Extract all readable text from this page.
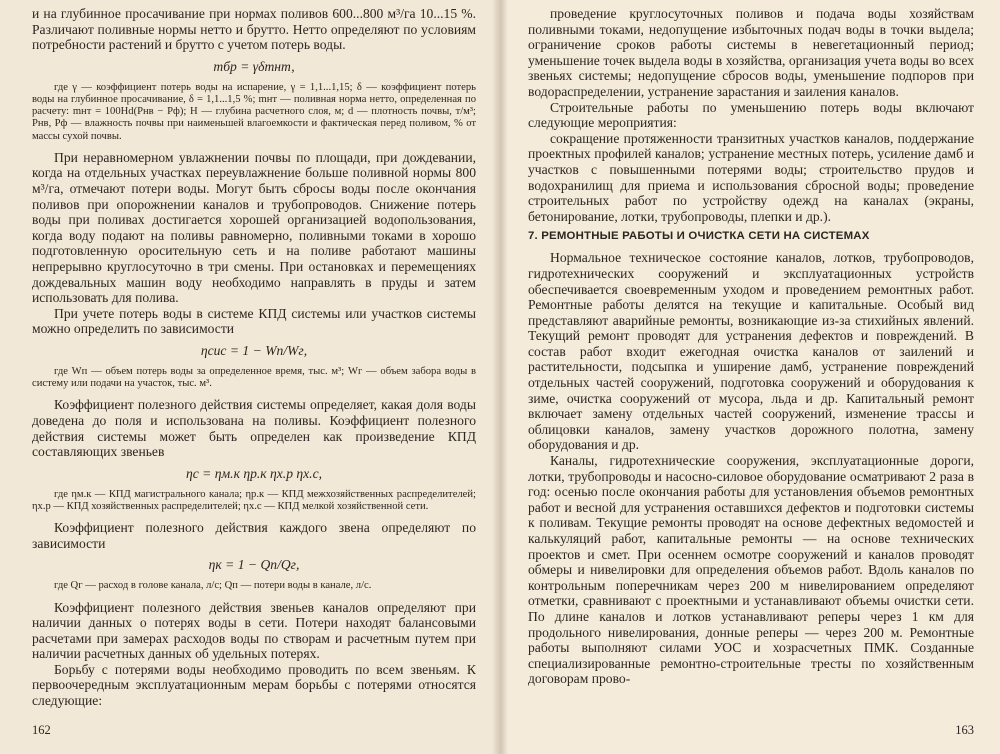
и на глубинное просачивание при нормах поливов 600...800 м³/га 10...15 %. Различают поливные нормы нетто и брутто. Нетто определяют по условиям потребности растений и брутто с учетом потерь воды.

mбр = γδmнт,

где γ — коэффициент потерь воды на испарение, γ = 1,1...1,15; δ — коэффициент потерь воды на глубинное просачивание, δ = 1,1...1,5 %; mнт — поливная норма нетто, определенная по расчету: mнт = 100Hd(Pнв − Pф); H — глубина расчетного слоя, м; d — плотность почвы, т/м³; Pнв, Pф — влажность почвы при наименьшей влагоемкости и фактическая перед поливом, % от массы сухой почвы.

При неравномерном увлажнении почвы по площади, при дождевании, когда на отдельных участках переувлажнение больше поливной нормы 800 м³/га, отмечают потери воды. Могут быть сбросы воды после окончания поливов при опорожнении каналов и трубопроводов. Снижение потерь воды при поливах достигается хорошей организацией водопользования, когда воду подают на поливы равномерно, поливными токами в хорошо подготовленную оросительную сеть и на поливе работают машины непрерывно круглосуточно в три смены. При остановках и перемещениях дождевальных машин воду необходимо направлять в пруды и затем использовать для полива.

При учете потерь воды в системе КПД системы или участков системы можно определить по зависимости

ηсис = 1 − Wп/Wг,

где Wп — объем потерь воды за определенное время, тыс. м³; Wг — объем забора воды в систему или подачи на участок, тыс. м³.

Коэффициент полезного действия системы определяет, какая доля воды доведена до поля и использована на поливы. Коэффициент полезного действия системы может быть определен как произведение КПД составляющих звеньев

ηс = ηм.к ηр.к ηх.р ηх.с,

где ηм.к — КПД магистрального канала; ηр.к — КПД межхозяйственных распределителей; ηх.р — КПД хозяйственных распределителей; ηх.с — КПД мелкой хозяйственной сети.

Коэффициент полезного действия каждого звена определяют по зависимости

ηк = 1 − Qп/Qг,

где Qг — расход в голове канала, л/с; Qп — потери воды в канале, л/с.

Коэффициент полезного действия звеньев каналов определяют при наличии данных о потерях воды в сети. Потери находят балансовыми расчетами при замерах расходов воды по створам и расчетным путем при наличии расчетных данных об удельных потерях.

Борьбу с потерями воды необходимо проводить по всем звеньям. К первоочередным эксплуатационным мерам борьбы с потерями относятся следующие:

162

проведение круглосуточных поливов и подача воды хозяйствам поливными токами, недопущение избыточных подач воды в точки выдела; ограничение сроков работы системы в невегетационный период; уменьшение точек выдела воды в хозяйства, организация учета воды во всех звеньях системы; недопущение сбросов воды, уменьшение подпоров при водораспределении, устранение зарастания и заиления каналов.

Строительные работы по уменьшению потерь воды включают следующие мероприятия:

сокращение протяженности транзитных участков каналов, поддержание проектных профилей каналов; устранение местных потерь, усиление дамб и участков с повышенными потерями воды; строительство прудов и водохранилищ для приема и использования сбросной воды; проведение строительных работ по устройству одежд на каналах (экраны, бетонирование, лотки, трубопроводы, плепки и др.).

7. РЕМОНТНЫЕ РАБОТЫ И ОЧИСТКА СЕТИ НА СИСТЕМАХ

Нормальное техническое состояние каналов, лотков, трубопроводов, гидротехнических сооружений и эксплуатационных устройств обеспечивается своевременным уходом и проведением ремонтных работ. Ремонтные работы делятся на текущие и капитальные. Особый вид представляют аварийные ремонты, возникающие из-за стихийных явлений. Текущий ремонт проводят для устранения дефектов и повреждений. В состав работ входит ежегодная очистка каналов от заилений и растительности, подсыпка и уширение дамб, устранение повреждений отдельных частей сооружений, подготовка сооружений и оборудования к зиме, очистка сооружений от мусора, льда и др. Капитальный ремонт включает замену отдельных частей сооружений, изменение трассы и облицовки каналов, замену участков дорожного полотна, замену оборудования и др.

Каналы, гидротехнические сооружения, эксплуатационные дороги, лотки, трубопроводы и насосно-силовое оборудование осматривают 2 раза в год: осенью после окончания работы для установления объемов ремонтных работ и весной для устранения оставшихся дефектов и подготовки системы к поливам. Текущие ремонты проводят на основе дефектных ведомостей и калькуляций работ, капитальные ремонты — на основе технических проектов и смет. При осеннем осмотре сооружений и каналов проводят обмеры и нивелировки для определения объемов работ. Вдоль каналов по контрольным поперечникам через 200 м нивелированием определяют отметки, сравнивают с проектными и устанавливают объемы очистки сети. По длине каналов и лотков устанавливают реперы через 1 км для продольного нивелирования, донные реперы — через 200 м. Ремонтные работы выполняют силами УОС и хозрасчетных ПМК. Созданные специализированные ремонтно-строительные тресты по хозяйственным договорам прово-

163
